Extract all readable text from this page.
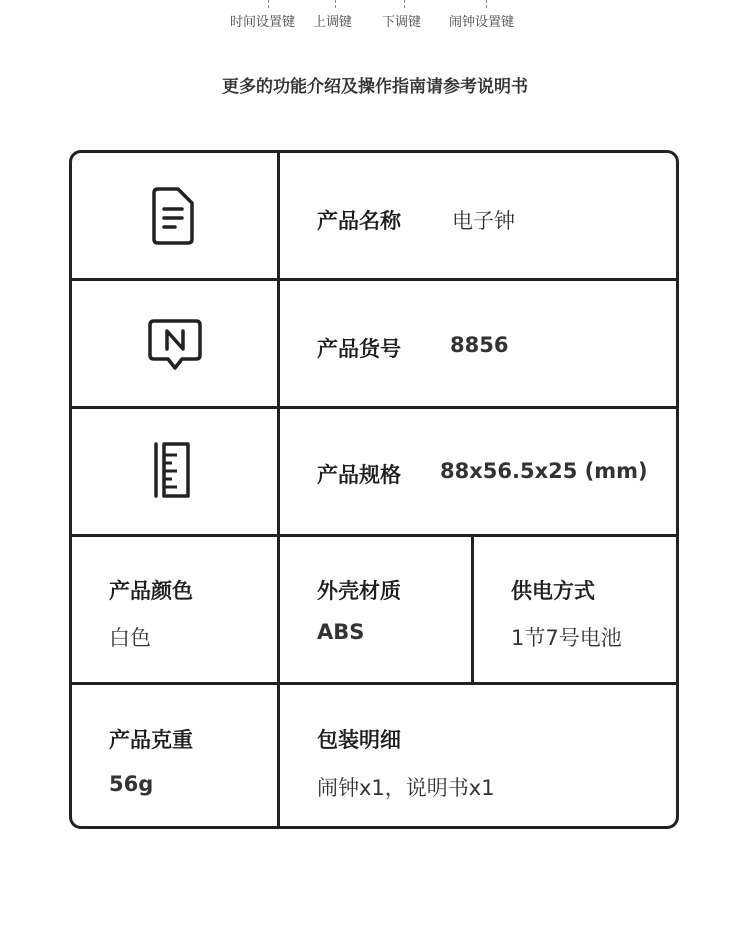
时间设置键 上调键 下调键 闹钟设置键
更多的功能介绍及操作指南请参考说明书
产品名称 电子钟
产品货号 8856
产品规格 88x56.5x25 (mm)
产品颜色
白色
外壳材质
ABS
供电方式
1节7号电池
产品克重
56g
包装明细
闹钟x1，说明书x1
